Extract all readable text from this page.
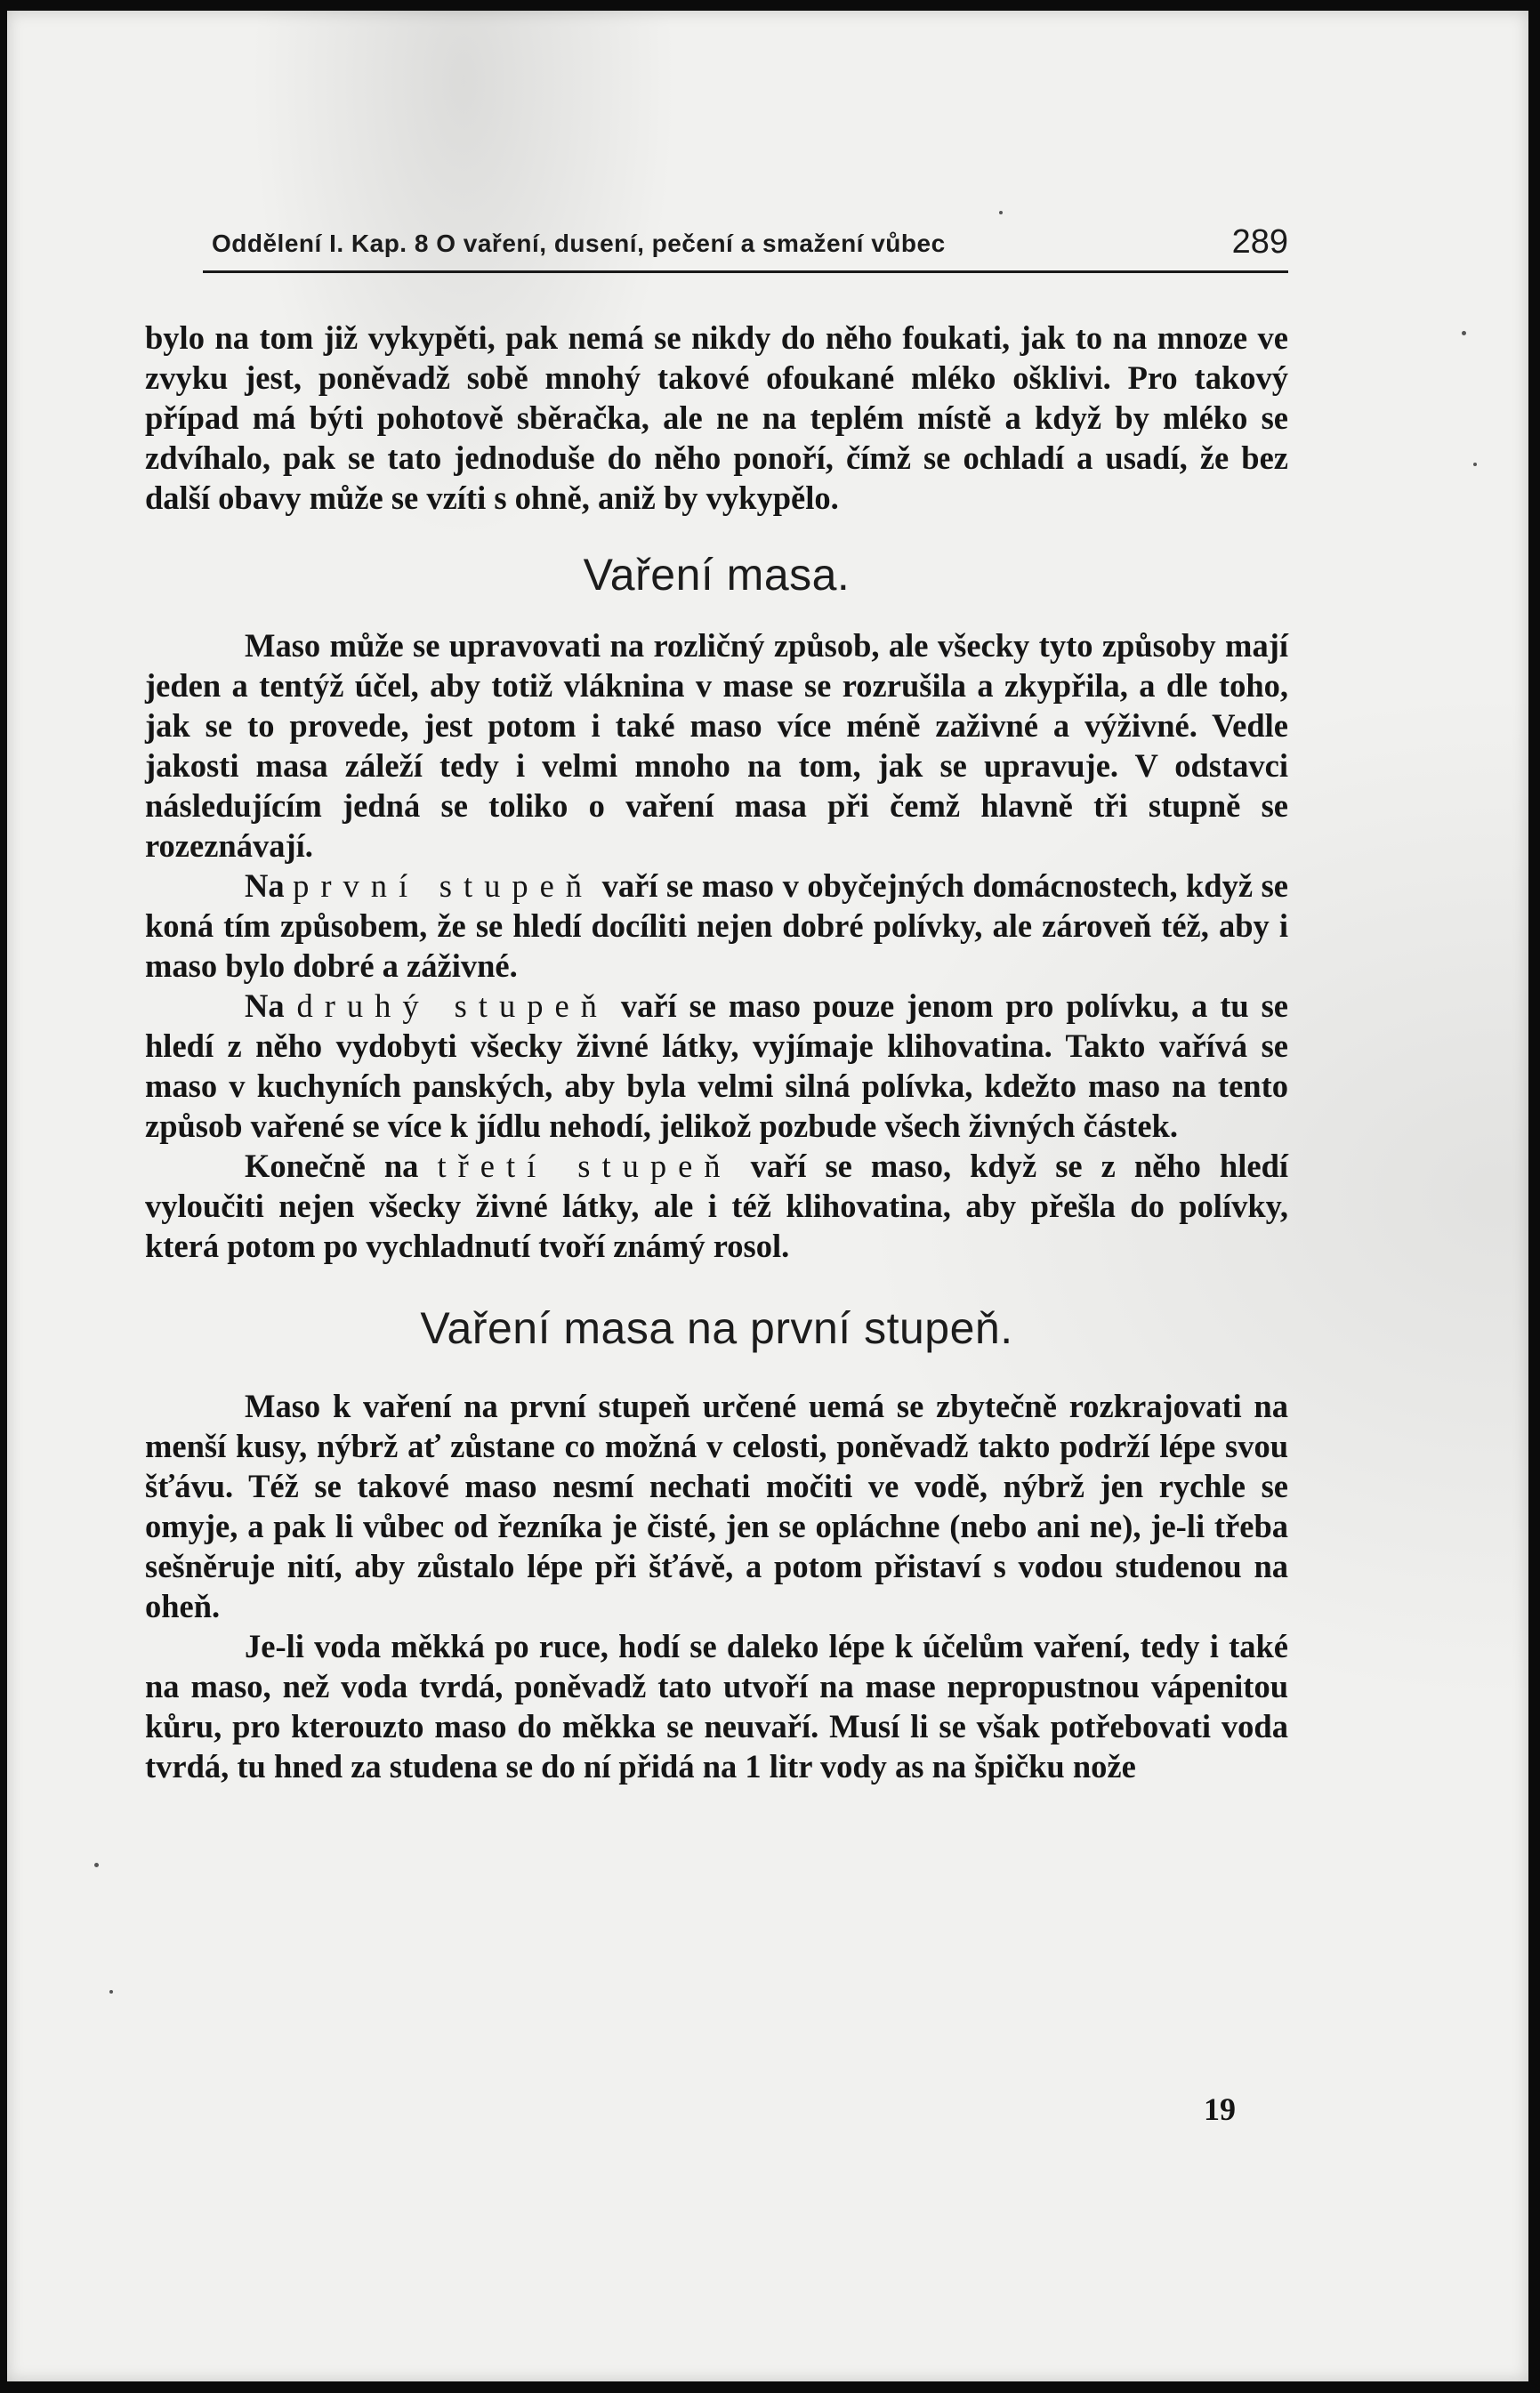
Oddělení I. Kap. 8 O vaření, dusení, pečení a smažení vůbec	289

bylo na tom již vykypěti, pak nemá se nikdy do něho foukati, jak to na mnoze ve zvyku jest, poněvadž sobě mnohý takové ofoukané mléko ošklivi. Pro takový případ má býti pohotově sběračka, ale ne na teplém místě a když by mléko se zdvíhalo, pak se tato jednoduše do něho ponoří, čímž se ochladí a usadí, že bez další obavy může se vzíti s ohně, aniž by vykypělo.

Vaření masa.

Maso může se upravovati na rozličný způsob, ale všecky tyto způsoby mají jeden a tentýž účel, aby totiž vláknina v mase se rozrušila a zkypřila, a dle toho, jak se to provede, jest potom i také maso více méně zaživné a výživné. Vedle jakosti masa záleží tedy i velmi mnoho na tom, jak se upravuje. V odstavci následujícím jedná se toliko o vaření masa při čemž hlavně tři stupně se rozeznávají.

Na první stupeň vaří se maso v obyčejných domácnostech, když se koná tím způsobem, že se hledí docíliti nejen dobré polívky, ale zároveň též, aby i maso bylo dobré a záživné.

Na druhý stupeň vaří se maso pouze jenom pro polívku, a tu se hledí z něho vydobyti všecky živné látky, vyjímaje klihovatina. Takto vařívá se maso v kuchyních panských, aby byla velmi silná polívka, kdežto maso na tento způsob vařené se více k jídlu nehodí, jelikož pozbude všech živných částek.

Konečně na třetí stupeň vaří se maso, když se z něho hledí vyloučiti nejen všecky živné látky, ale i též klihovatina, aby přešla do polívky, která potom po vychladnutí tvoří známý rosol.

Vaření masa na první stupeň.

Maso k vaření na první stupeň určené uemá se zbytečně rozkrajovati na menší kusy, nýbrž ať zůstane co možná v celosti, poněvadž takto podrží lépe svou šťávu. Též se takové maso nesmí nechati močiti ve vodě, nýbrž jen rychle se omyje, a pak li vůbec od řezníka je čisté, jen se opláchne (nebo ani ne), je-li třeba sešněruje nití, aby zůstalo lépe při šťávě, a potom přistaví s vodou studenou na oheň.

Je-li voda měkká po ruce, hodí se daleko lépe k účelům vaření, tedy i také na maso, než voda tvrdá, poněvadž tato utvoří na mase nepropustnou vápenitou kůru, pro kterouzto maso do měkka se neuvaří. Musí li se však potřebovati voda tvrdá, tu hned za studena se do ní přidá na 1 litr vody as na špičku nože

19
